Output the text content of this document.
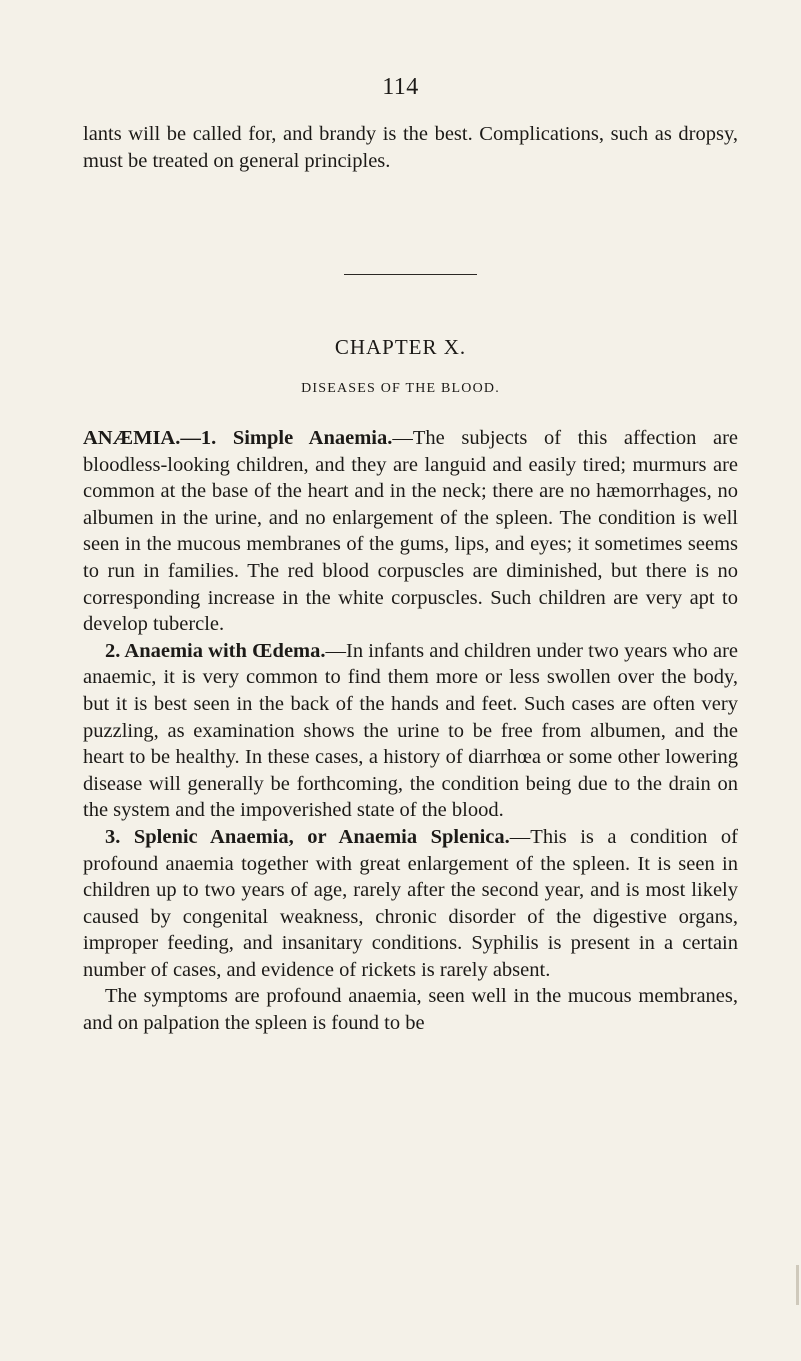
114

lants will be called for, and brandy is the best. Complications, such as dropsy, must be treated on general principles.

CHAPTER X.
DISEASES OF THE BLOOD.

ANÆMIA.—1. Simple Anaemia.—The subjects of this affection are bloodless-looking children, and they are languid and easily tired; murmurs are common at the base of the heart and in the neck; there are no hæmorrhages, no albumen in the urine, and no enlargement of the spleen. The condition is well seen in the mucous membranes of the gums, lips, and eyes; it sometimes seems to run in families. The red blood corpuscles are diminished, but there is no corresponding increase in the white corpuscles. Such children are very apt to develop tubercle.

2. Anaemia with Œdema.—In infants and children under two years who are anaemic, it is very common to find them more or less swollen over the body, but it is best seen in the back of the hands and feet. Such cases are often very puzzling, as examination shows the urine to be free from albumen, and the heart to be healthy. In these cases, a history of diarrhœa or some other lowering disease will generally be forthcoming, the condition being due to the drain on the system and the impoverished state of the blood.

3. Splenic Anaemia, or Anaemia Splenica.—This is a condition of profound anaemia together with great enlargement of the spleen. It is seen in children up to two years of age, rarely after the second year, and is most likely caused by congenital weakness, chronic disorder of the digestive organs, improper feeding, and insanitary conditions. Syphilis is present in a certain number of cases, and evidence of rickets is rarely absent.

The symptoms are profound anaemia, seen well in the mucous membranes, and on palpation the spleen is found to be
